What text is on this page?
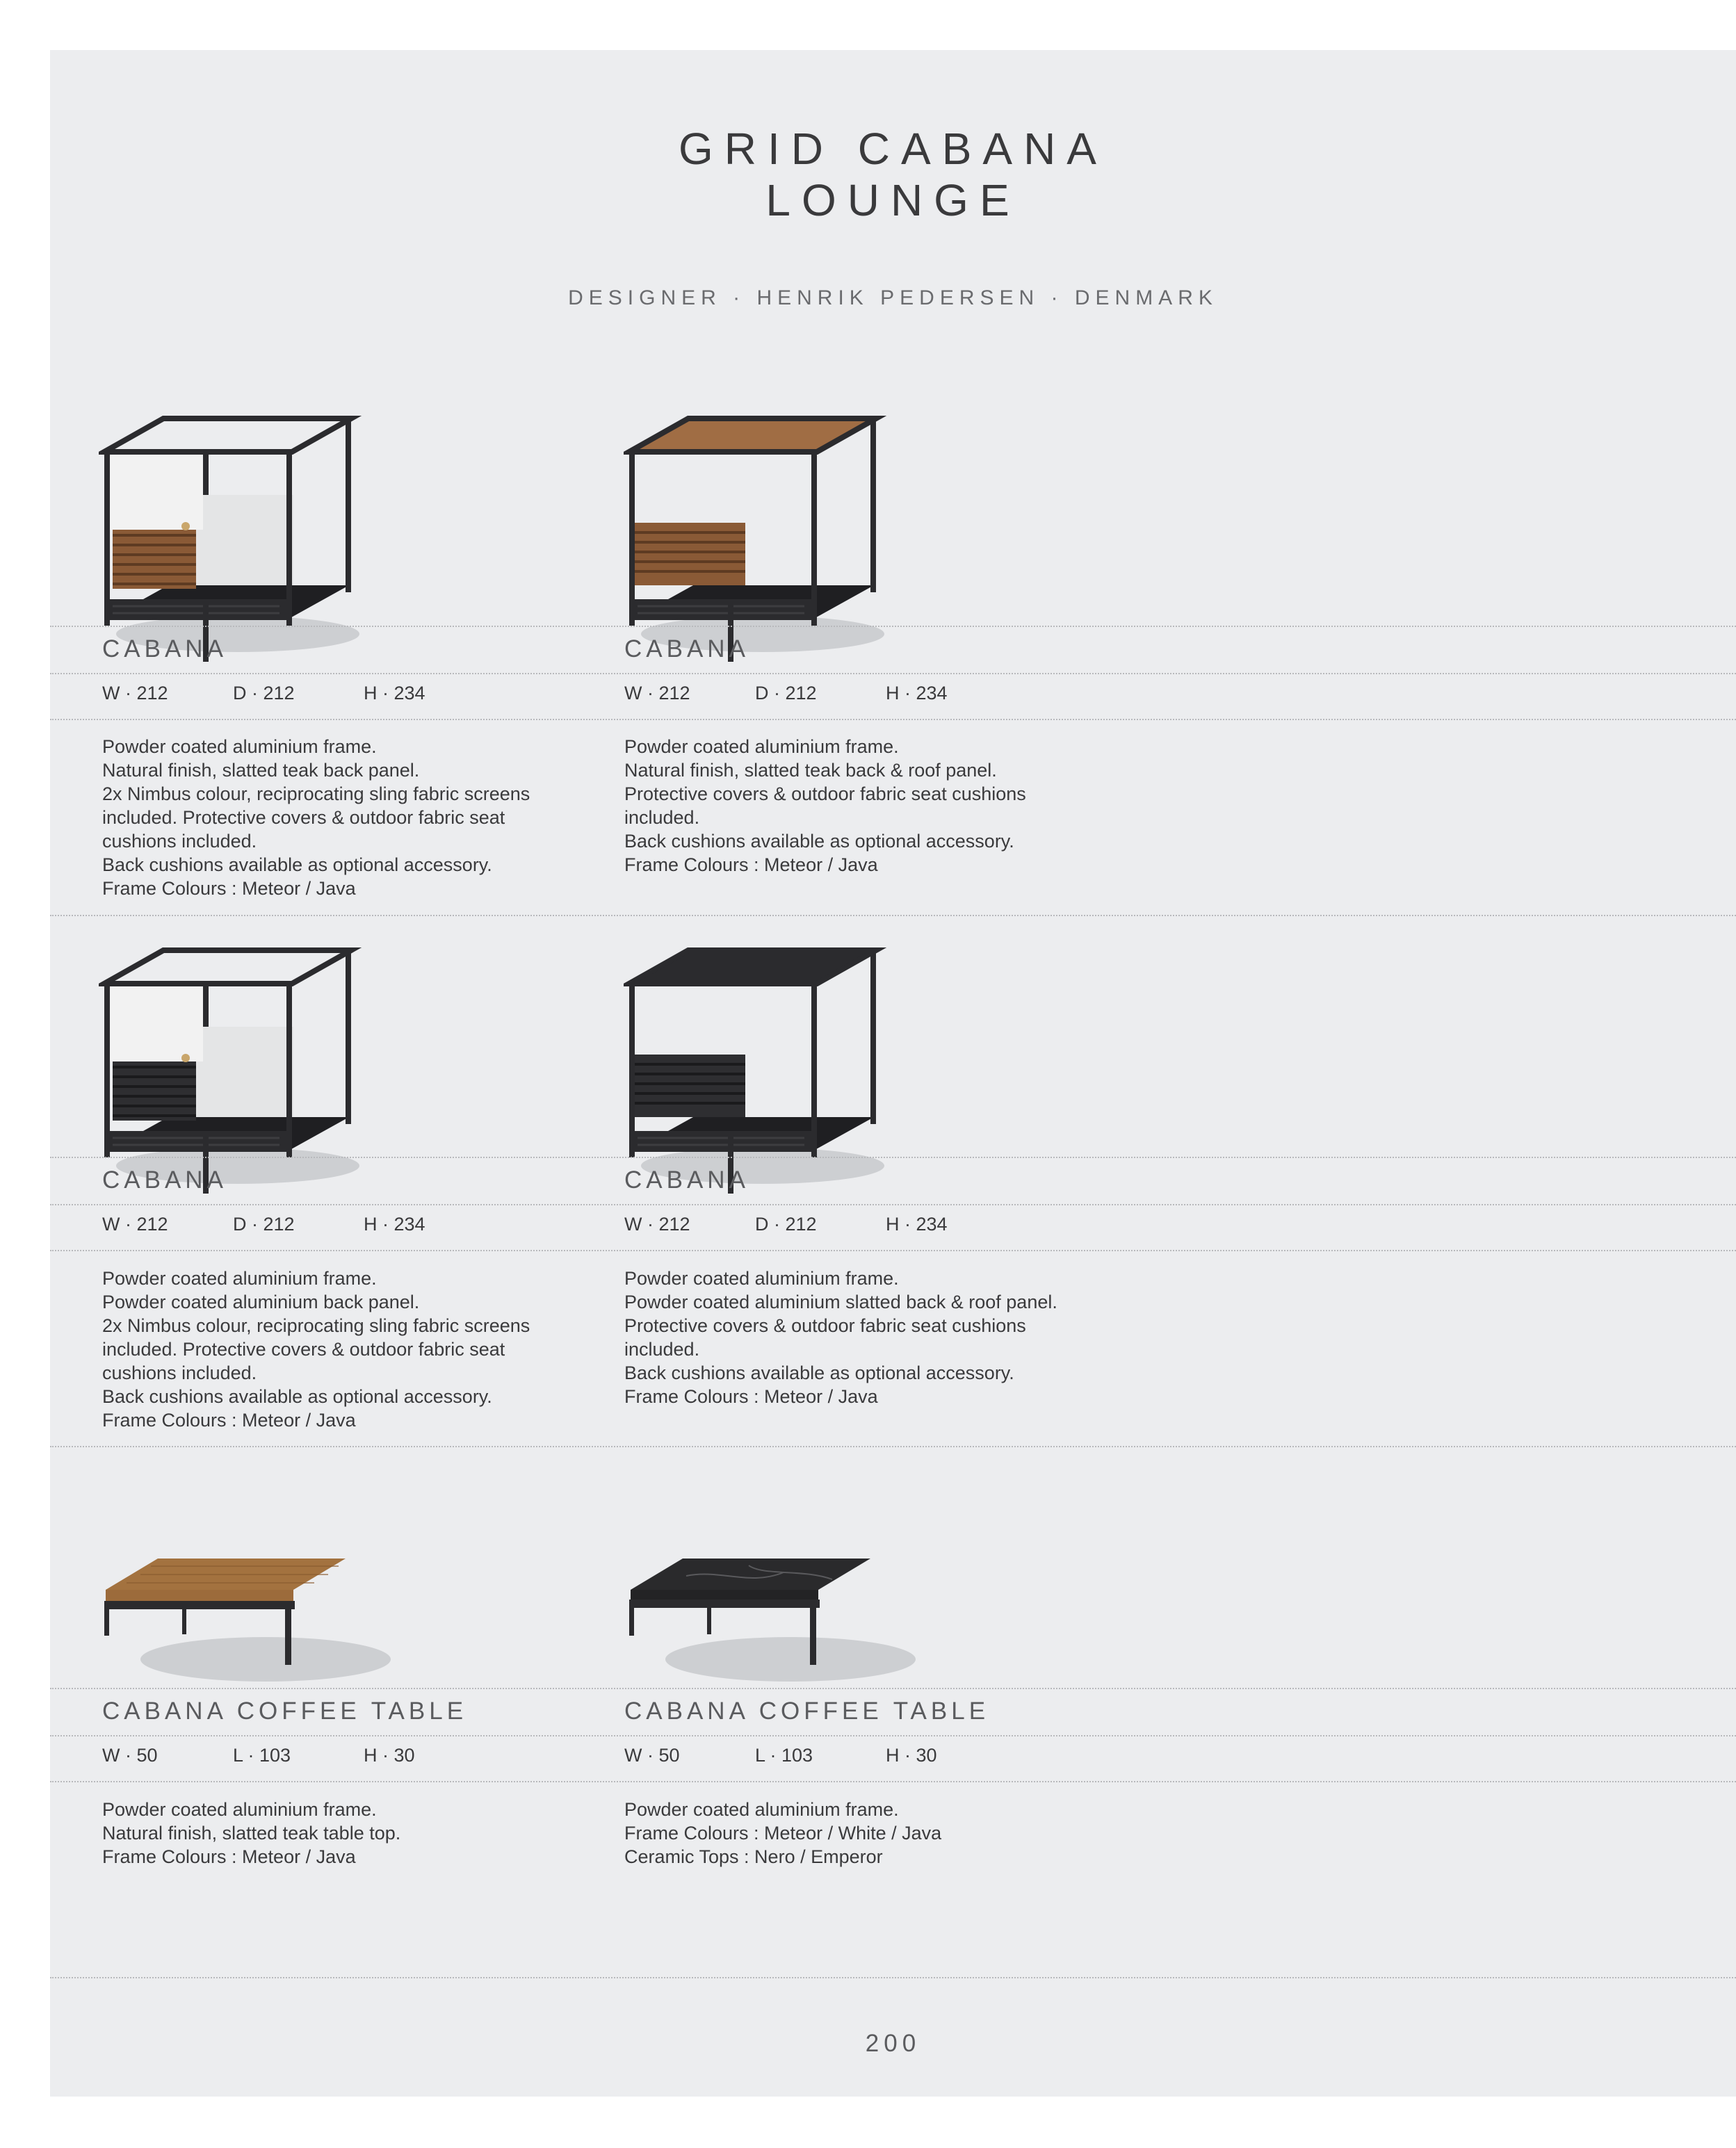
GRID CABANA
LOUNGE
DESIGNER · HENRIK PEDERSEN · DENMARK
CABANA	CABANA
W · 212	D · 212	H · 234	W · 212	D · 212	H · 234
Powder coated aluminium frame.
Natural finish, slatted teak back panel.
2x Nimbus colour, reciprocating sling fabric screens
included. Protective covers & outdoor fabric seat
cushions included.
Back cushions available as optional accessory.
Frame Colours : Meteor / Java
Powder coated aluminium frame.
Natural finish, slatted teak back & roof panel.
Protective covers & outdoor fabric seat cushions
included.
Back cushions available as optional accessory.
Frame Colours : Meteor / Java
CABANA	CABANA
W · 212	D · 212	H · 234	W · 212	D · 212	H · 234
Powder coated aluminium frame.
Powder coated aluminium back panel.
2x Nimbus colour, reciprocating sling fabric screens
included. Protective covers & outdoor fabric seat
cushions included.
Back cushions available as optional accessory.
Frame Colours : Meteor / Java
Powder coated aluminium frame.
Powder coated aluminium slatted back & roof panel.
Protective covers & outdoor fabric seat cushions
included.
Back cushions available as optional accessory.
Frame Colours : Meteor / Java
CABANA COFFEE TABLE	CABANA COFFEE TABLE
W · 50	L · 103	H · 30	W · 50	L · 103	H · 30
Powder coated aluminium frame.
Natural finish, slatted teak table top.
Frame Colours : Meteor / Java
Powder coated aluminium frame.
Frame Colours : Meteor / White / Java
Ceramic Tops : Nero / Emperor
200
